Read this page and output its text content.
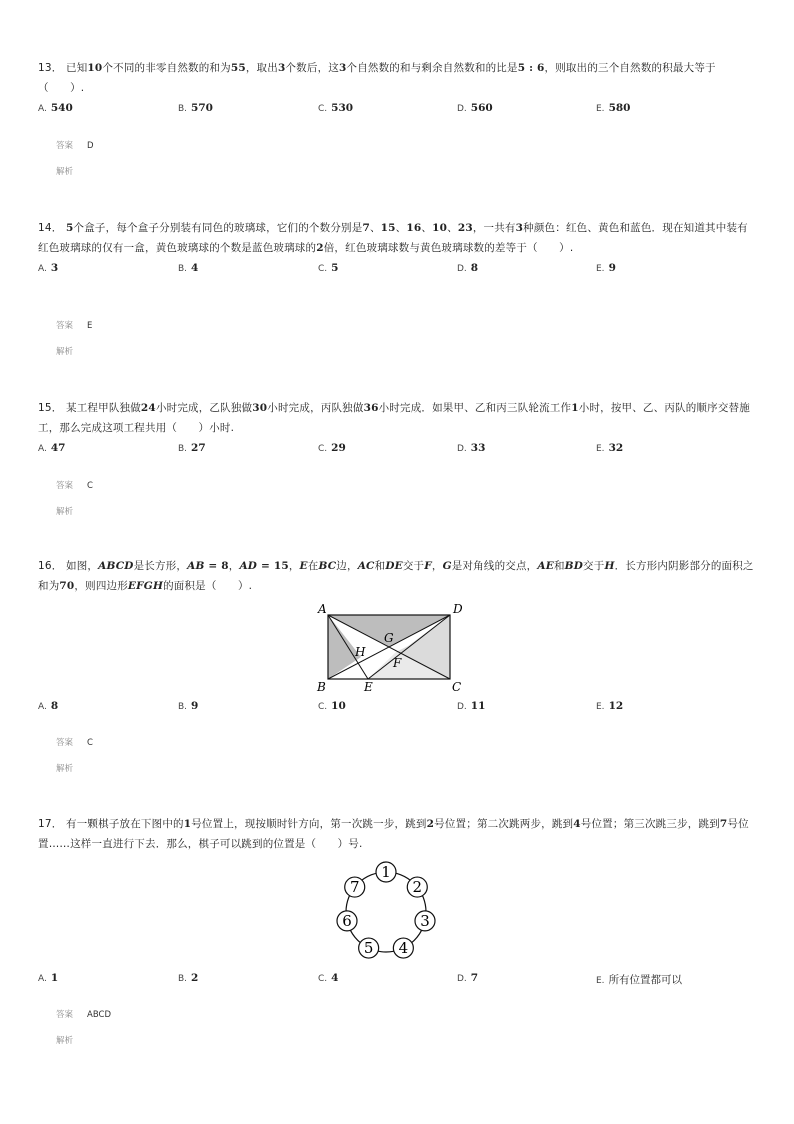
13． 已知10个不同的非零自然数的和为55，取出3个数后，这3个自然数的和与剩余自然数和的比是5 : 6，则取出的三个自然数的积最大等于（　　）.
A. 540	B. 570	C. 530	D. 560	E. 580
答案 D
解析
14． 5个盒子，每个盒子分别装有同色的玻璃球，它们的个数分别是7、15、16、10、23，一共有3种颜色：红色、黄色和蓝色．现在知道其中装有红色玻璃球的仅有一盒，黄色玻璃球的个数是蓝色玻璃球的2倍，红色玻璃球数与黄色玻璃球数的差等于（　　）.
A. 3	B. 4	C. 5	D. 8	E. 9
答案 E
解析
15． 某工程甲队独做24小时完成，乙队独做30小时完成，丙队独做36小时完成．如果甲、乙和丙三队轮流工作1小时，按甲、乙、丙队的顺序交替施工，那么完成这项工程共用（　　）小时.
A. 47	B. 27	C. 29	D. 33	E. 32
答案 C
解析
16． 如图，ABCD是长方形，AB = 8，AD = 15，E在BC边，AC和DE交于F，G是对角线的交点，AE和BD交于H．长方形内阴影部分的面积之和为70，则四边形EFGH的面积是（　　）.
A	D
B	E	C
G
H
F
A. 8	B. 9	C. 10	D. 11	E. 12
答案 C
解析
17． 有一颗棋子放在下图中的1号位置上，现按顺时针方向，第一次跳一步，跳到2号位置；第二次跳两步，跳到4号位置；第三次跳三步，跳到7号位置……这样一直进行下去．那么，棋子可以跳到的位置是（　　）号.
1
2
3
4
5
6
7
A. 1	B. 2	C. 4	D. 7	E. 所有位置都可以
答案 ABCD
解析
